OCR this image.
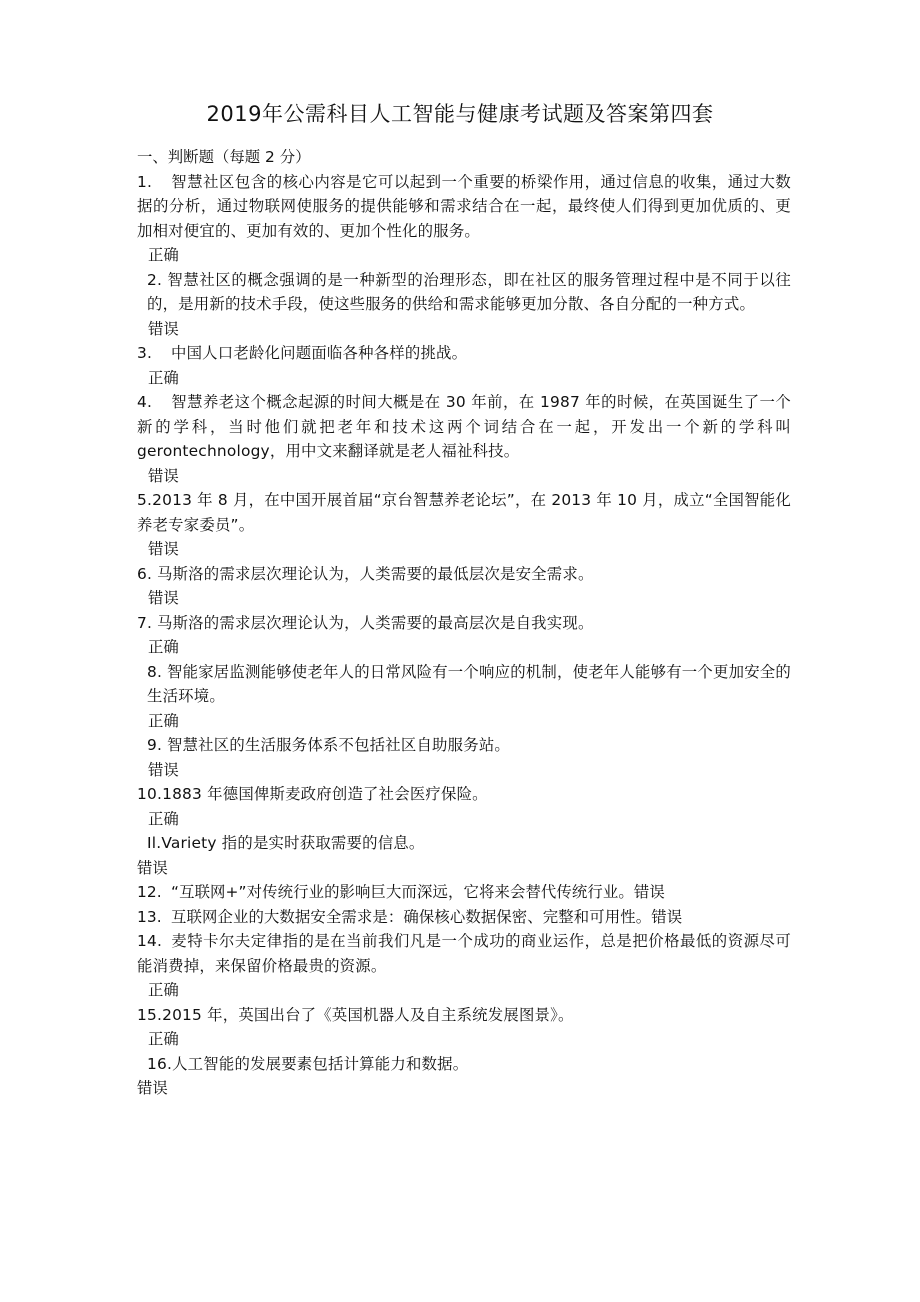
2019年公需科目人工智能与健康考试题及答案第四套

一、判断题（每题 2 分）

1. 智慧社区包含的核心内容是它可以起到一个重要的桥梁作用，通过信息的收集，通过大数据的分析，通过物联网使服务的提供能够和需求结合在一起，最终使人们得到更加优质的、更加相对便宜的、更加有效的、更加个性化的服务。

正确

2. 智慧社区的概念强调的是一种新型的治理形态，即在社区的服务管理过程中是不同于以往的，是用新的技术手段，使这些服务的供给和需求能够更加分散、各自分配的一种方式。

错误

3. 中国人口老龄化问题面临各种各样的挑战。

正确

4. 智慧养老这个概念起源的时间大概是在 30 年前，在 1987 年的时候，在英国诞生了一个新的学科，当时他们就把老年和技术这两个词结合在一起，开发出一个新的学科叫 gerontechnology，用中文来翻译就是老人福祉科技。

错误

5.2013 年 8 月，在中国开展首届“京台智慧养老论坛”，在 2013 年 10 月，成立“全国智能化养老专家委员”。

错误

6. 马斯洛的需求层次理论认为，人类需要的最低层次是安全需求。

错误

7. 马斯洛的需求层次理论认为，人类需要的最高层次是自我实现。

正确

8. 智能家居监测能够使老年人的日常风险有一个响应的机制，使老年人能够有一个更加安全的生活环境。

正确

9. 智慧社区的生活服务体系不包括社区自助服务站。

错误

10.1883 年德国俾斯麦政府创造了社会医疗保险。

正确

Il.Variety 指的是实时获取需要的信息。

错误

12. “互联网+”对传统行业的影响巨大而深远，它将来会替代传统行业。错误

13. 互联网企业的大数据安全需求是：确保核心数据保密、完整和可用性。错误

14. 麦特卡尔夫定律指的是在当前我们凡是一个成功的商业运作，总是把价格最低的资源尽可能消费掉，来保留价格最贵的资源。

正确

15.2015 年，英国出台了《英国机器人及自主系统发展图景》。

正确

16.人工智能的发展要素包括计算能力和数据。

错误
